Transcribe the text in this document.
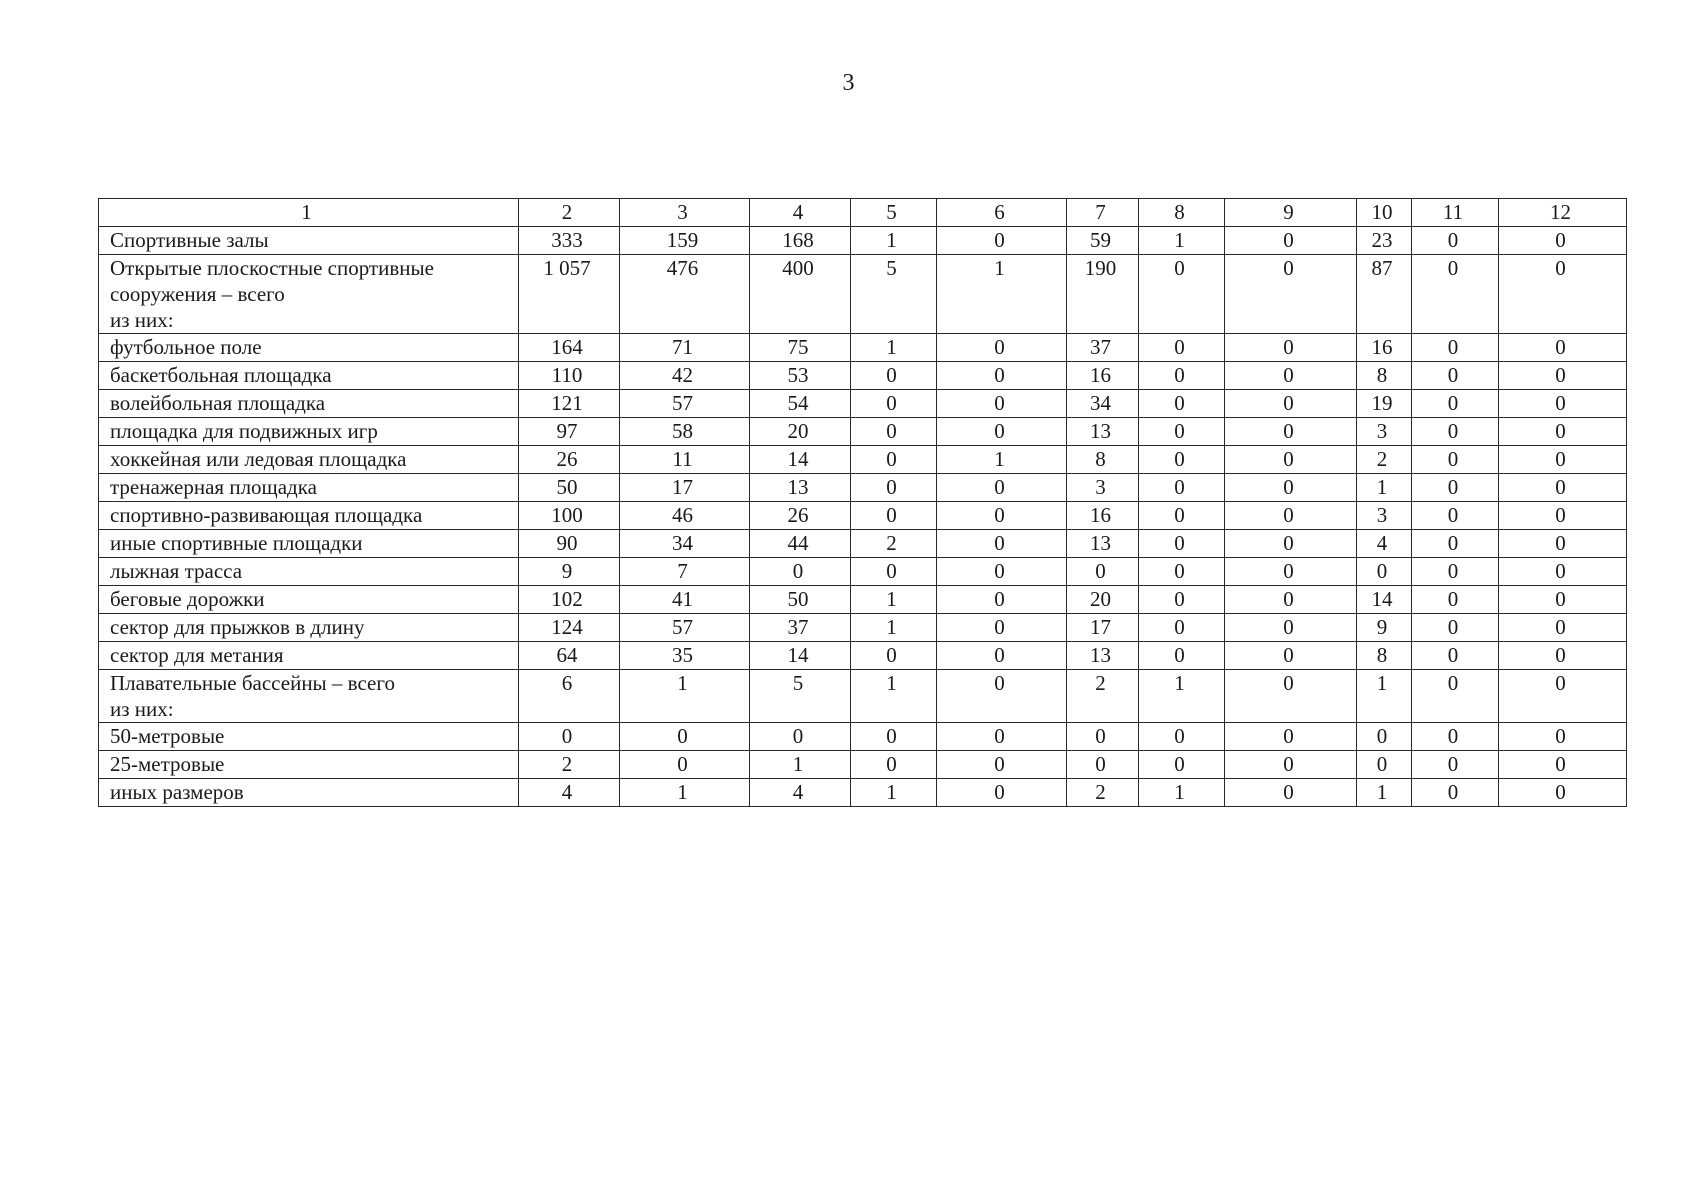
3
1	2	3	4	5	6	7	8	9	10	11	12

Спортивные залы	333	159	168	1	0	59	1	0	23	0	0

Открытые плоскостные спортивные
сооружения – всего
из них:	1 057	476	400	5	1	190	0	0	87	0	0

футбольное поле	164	71	75	1	0	37	0	0	16	0	0

баскетбольная площадка	110	42	53	0	0	16	0	0	8	0	0

волейбольная площадка	121	57	54	0	0	34	0	0	19	0	0

площадка для подвижных игр	97	58	20	0	0	13	0	0	3	0	0

хоккейная или ледовая площадка	26	11	14	0	1	8	0	0	2	0	0

тренажерная площадка	50	17	13	0	0	3	0	0	1	0	0

спортивно-развивающая площадка	100	46	26	0	0	16	0	0	3	0	0

иные спортивные площадки	90	34	44	2	0	13	0	0	4	0	0

лыжная трасса	9	7	0	0	0	0	0	0	0	0	0

беговые дорожки	102	41	50	1	0	20	0	0	14	0	0

сектор для прыжков в длину	124	57	37	1	0	17	0	0	9	0	0

сектор для метания	64	35	14	0	0	13	0	0	8	0	0

Плавательные бассейны – всего
из них:	6	1	5	1	0	2	1	0	1	0	0

50-метровые	0	0	0	0	0	0	0	0	0	0	0

25-метровые	2	0	1	0	0	0	0	0	0	0	0

иных размеров	4	1	4	1	0	2	1	0	1	0	0
